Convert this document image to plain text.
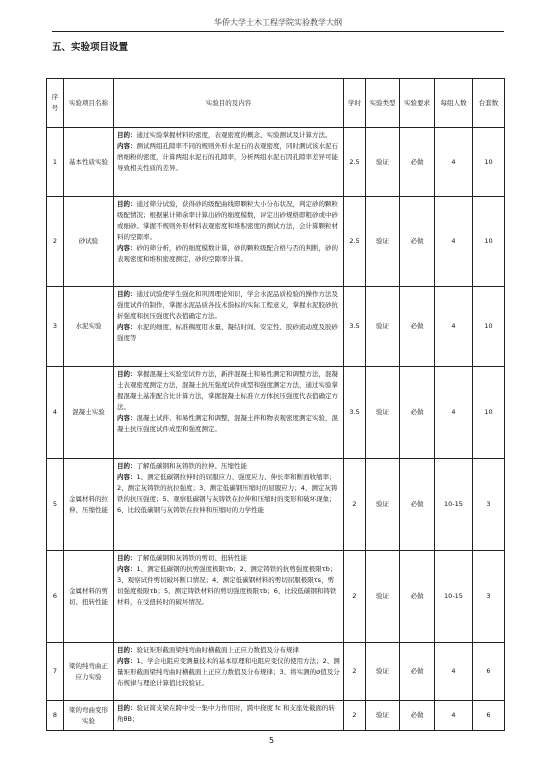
华侨大学土木工程学院实验教学大纲
五、实验项目设置
序号	实验项目名称	实验目的及内容	学时	实验类型	实验要求	每组人数	台套数
1	基本性质实验	目的：通过实验掌握材料的密度，表观密度的概念、实验测试及计算方法。
内容：测试两组孔隙率不同的规则外形水泥石的表观密度，同时测试该水泥石磨细粉的密度，计算两组水泥石的孔隙率，分析两组水泥石因孔隙率差异可能导致相关性质的差异。	2.5	验证	必做	4	10
2	砂试验	目的：通过筛分试验，获得砂的级配曲线即颗粒大小分布状况，判定砂的颗粒级配情况；根据累计筛余率计算出砂的细度模数，评定出砂规格即粗砂或中砂或细砂。掌握不规则外形材料表观密度和堆积密度的测试方法，会计算颗粒材料的空隙率。
内容：砂的筛分析，砂的细度模数计算，砂的颗粒级配合格与否的判断，砂的表观密度和堆积密度测定，砂的空隙率计算。	2.5	验证	必做	4	10
3	水泥实验	目的：通过试验使学生强化和巩固理论知识，学会水泥品质检验的操作方法及强度试件的制作，掌握水泥品质各技术指标的实际工程意义，掌握水泥胶砂抗折强度和抗压强度代表值确定方法。
内容：水泥的细度、标准稠度用水量、凝结时间、安定性、胶砂流动度及胶砂强度等	3.5	验证	必做	4	10
4	混凝土实验	目的：掌握混凝土实验室试件方法，新拌混凝土和易性测定和调整方法，混凝土表观密度测定方法，混凝土抗压强度试件成型和强度测定方法，通过实验掌握混凝土基准配合比计算方法，掌握混凝土标准立方体抗压强度代表值确定方法。
内容：混凝土试拌、和易性测定和调整，混凝土拌和物表观密度测定实验，混凝土抗压强度试件成型和强度测定。	3.5	验证	必做	4	10
5	金属材料的拉伸、压缩性能	目的：了解低碳钢和灰铸铁的拉伸、压缩性能
内容：1、测定低碳钢拉伸时的屈服应力、强度应力、伸长率和断面收缩率；2、测定灰铸铁的抗拉强度；3、测定低碳钢压缩时的屈服应力；4、测定灰铸铁的抗压强度；5、观察低碳钢与灰铸铁在拉伸和压缩时的变形和破坏现象；6、比较低碳钢与灰铸铁在拉伸和压缩时的力学性能	2	验证	必做	10-15	3
6	金属材料的剪切、扭转性能	目的：了解低碳钢和灰铸铁的剪切、扭转性能
内容：1、测定低碳钢的抗剪强度极限τb；2、测定铸铁的抗剪强度极限τb；3、观察试件剪切破坏断口情况；4、测定低碳钢材料的剪切屈服极限τs，剪切强度极限τb；5、测定铸铁材料的剪切强度极限τb；6、比较低碳钢和铸铁材料，在受扭转时的破坏情况。	2	验证	必做	10-15	3
7	梁的纯弯曲正应力实验	目的：验证矩形截面梁纯弯曲时横截面上正应力数值及分布规律
内容：1、学会电阻应变测量技术的基本原理和电阻应变仪的使用方法；2、测量矩形截面梁纯弯曲时横截面上正应力数值及分布规律；3、将实测的σ值及分布规律与理论计算值比较验证。	2	验证	必做	4	6
8	梁的弯曲变形实验	目的：验证简支梁在跨中受一集中力作用时，跨中挠度 fc 和支座处截面的转角θB；	2	验证	必做	4	6
5
